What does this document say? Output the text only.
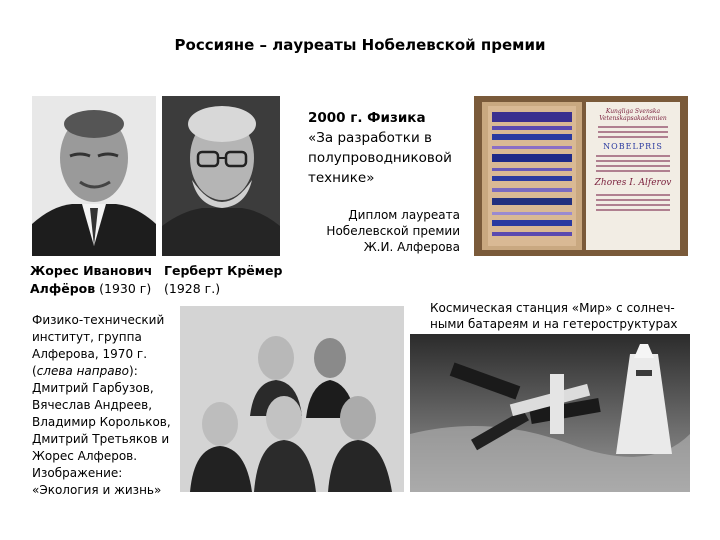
Россияне – лауреаты Нобелевской премии
Жорес Иванович Алфёров (1930 г)
Герберт Крёмер
(1928 г.)
2000 г. Физика
«За разработки в полупроводниковой технике»
Диплом лауреата Нобелевской премии Ж.И. Алферова
Kungliga Svenska Vetenskapsakademien
NOBELPRIS
Zhores I. Alferov
Физико-технический институт, группа Алферова, 1970 г.
(слева направо):
Дмитрий Гарбузов, Вячеслав Андреев, Владимир Корольков, Дмитрий Третьяков и Жорес Алферов.
Изображение: «Экология и жизнь»
Космическая станция «Мир» с солнеч-ными батареям и на гетероструктурах
